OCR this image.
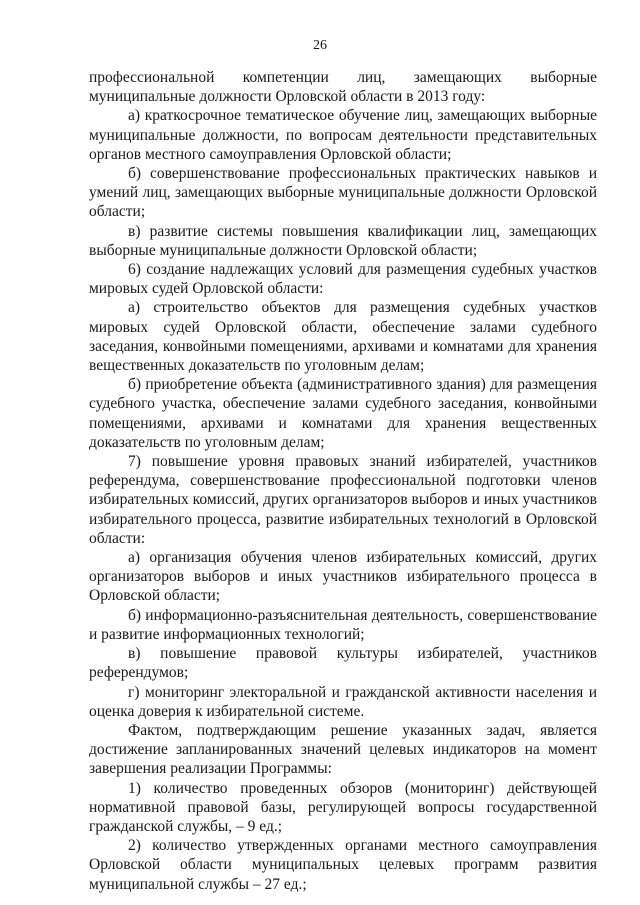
26

профессиональной компетенции лиц, замещающих выборные муниципальные должности Орловской области в 2013 году:

а) краткосрочное тематическое обучение лиц, замещающих выборные муниципальные должности, по вопросам деятельности представительных органов местного самоуправления Орловской области;

б) совершенствование профессиональных практических навыков и умений лиц, замещающих выборные муниципальные должности Орловской области;

в) развитие системы повышения квалификации лиц, замещающих выборные муниципальные должности Орловской области;

6) создание надлежащих условий для размещения судебных участков мировых судей Орловской области:

а) строительство объектов для размещения судебных участков мировых судей Орловской области, обеспечение залами судебного заседания, конвойными помещениями, архивами и комнатами для хранения вещественных доказательств по уголовным делам;

б) приобретение объекта (административного здания) для размещения судебного участка, обеспечение залами судебного заседания, конвойными помещениями, архивами и комнатами для хранения вещественных доказательств по уголовным делам;

7) повышение уровня правовых знаний избирателей, участников референдума, совершенствование профессиональной подготовки членов избирательных комиссий, других организаторов выборов и иных участников избирательного процесса, развитие избирательных технологий в Орловской области:

а) организация обучения членов избирательных комиссий, других организаторов выборов и иных участников избирательного процесса в Орловской области;

б) информационно-разъяснительная деятельность, совершенствование и развитие информационных технологий;

в) повышение правовой культуры избирателей, участников референдумов;

г) мониторинг электоральной и гражданской активности населения и оценка доверия к избирательной системе.

Фактом, подтверждающим решение указанных задач, является достижение запланированных значений целевых индикаторов на момент завершения реализации Программы:

1) количество проведенных обзоров (мониторинг) действующей нормативной правовой базы, регулирующей вопросы государственной гражданской службы, – 9 ед.;

2) количество утвержденных органами местного самоуправления Орловской области муниципальных целевых программ развития муниципальной службы – 27 ед.;
